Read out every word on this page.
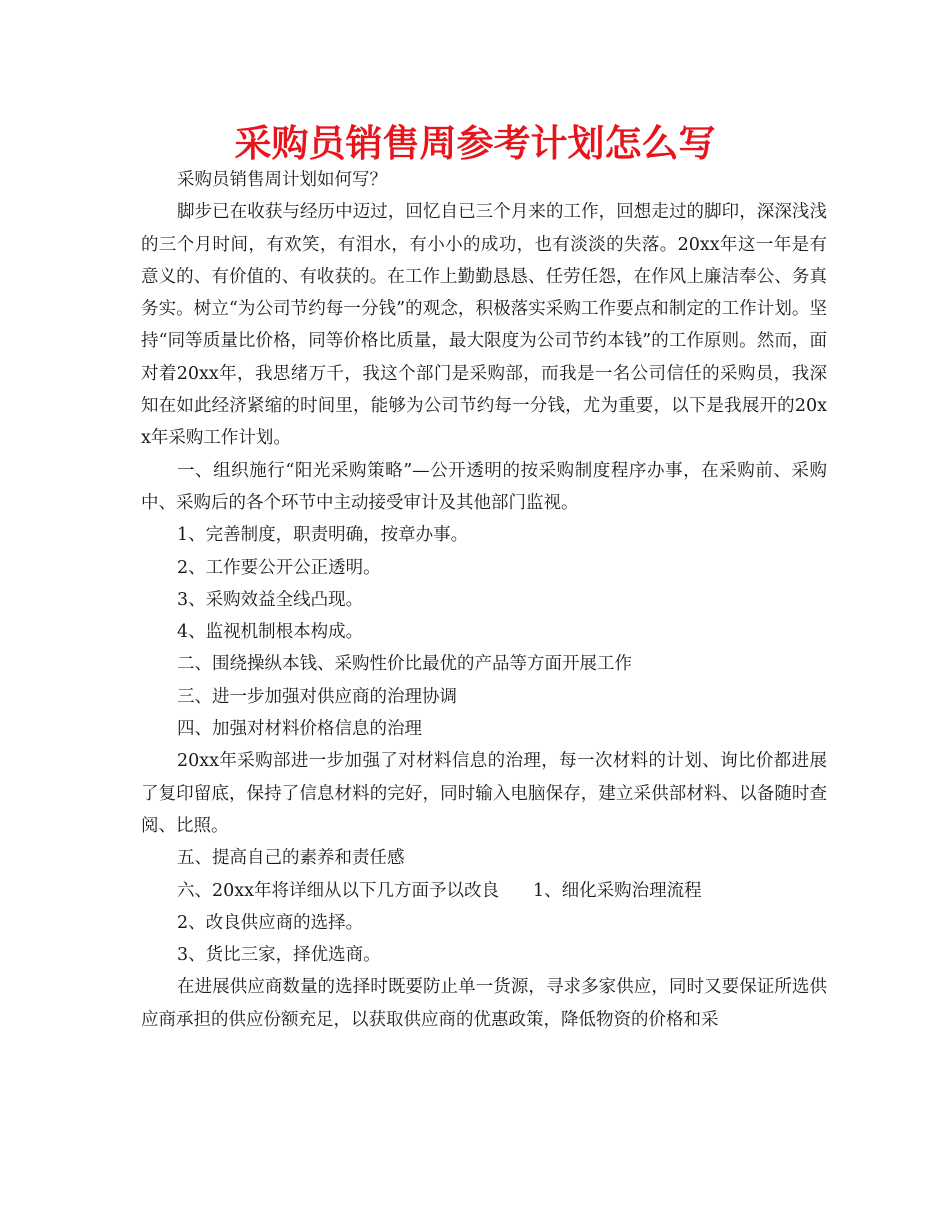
采购员销售周参考计划怎么写

采购员销售周计划如何写？

脚步已在收获与经历中迈过，回忆自已三个月来的工作，回想走过的脚印，深深浅浅的三个月时间，有欢笑，有泪水，有小小的成功，也有淡淡的失落。20xx年这一年是有意义的、有价值的、有收获的。在工作上勤勤恳恳、任劳任怨，在作风上廉洁奉公、务真务实。树立“为公司节约每一分钱”的观念，积极落实采购工作要点和制定的工作计划。坚持“同等质量比价格，同等价格比质量，最大限度为公司节约本钱”的工作原则。然而，面对着20xx年，我思绪万千，我这个部门是采购部，而我是一名公司信任的采购员，我深知在如此经济紧缩的时间里，能够为公司节约每一分钱，尤为重要，以下是我展开的20xx年采购工作计划。

一、组织施行“阳光采购策略”—公开透明的按采购制度程序办事，在采购前、采购中、采购后的各个环节中主动接受审计及其他部门监视。

1、完善制度，职责明确，按章办事。

2、工作要公开公正透明。

3、采购效益全线凸现。

4、监视机制根本构成。

二、围绕操纵本钱、采购性价比最优的产品等方面开展工作

三、进一步加强对供应商的治理协调

四、加强对材料价格信息的治理

20xx年采购部进一步加强了对材料信息的治理，每一次材料的计划、询比价都进展了复印留底，保持了信息材料的完好，同时输入电脑保存，建立采供部材料、以备随时查阅、比照。

五、提高自己的素养和责任感

六、20xx年将详细从以下几方面予以改良 1、细化采购治理流程

2、改良供应商的选择。

3、货比三家，择优选商。

在进展供应商数量的选择时既要防止单一货源，寻求多家供应，同时又要保证所选供应商承担的供应份额充足，以获取供应商的优惠政策，降低物资的价格和采
